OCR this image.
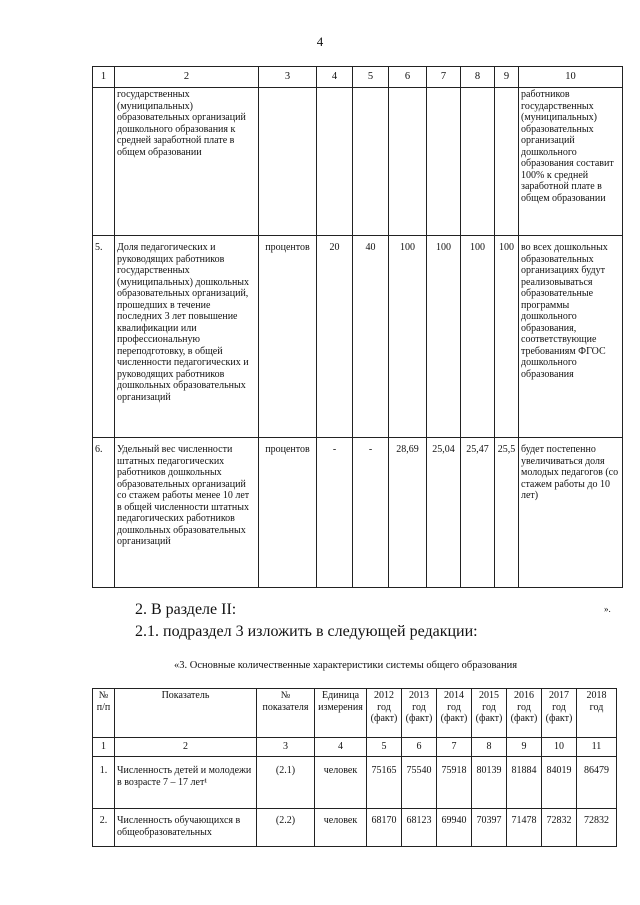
4
1	2	3	4	5	6	7	8	9	10
	государственных (муниципальных) образовательных организаций дошкольного образования к средней заработной плате в общем образовании								работников государственных (муниципальных) образовательных организаций дошкольного образования составит 100% к средней заработной плате в общем образовании
5.	Доля педагогических и руководящих работников государственных (муниципальных) дошкольных образовательных организаций, прошедших в течение последних 3 лет повышение квалификации или профессиональную переподготовку, в общей численности педагогических и руководящих работников дошкольных образовательных организаций	процентов	20	40	100	100	100	100	во всех дошкольных образовательных организациях будут реализовываться образовательные программы дошкольного образования, соответствующие требованиям ФГОС дошкольного образования
6.	Удельный вес численности штатных педагогических работников дошкольных образовательных организаций со стажем работы менее 10 лет в общей численности штатных педагогических работников дошкольных образовательных организаций	процентов	-	-	28,69	25,04	25,47	25,5	будет постепенно увеличиваться доля молодых педагогов (со стажем работы до 10 лет)
».
2. В разделе II:
2.1. подраздел 3 изложить в следующей редакции:
«3. Основные количественные характеристики системы общего образования
№ п/п	Показатель	№ показателя	Единица измерения	2012 год (факт)	2013 год (факт)	2014 год (факт)	2015 год (факт)	2016 год (факт)	2017 год (факт)	2018 год
1	2	3	4	5	6	7	8	9	10	11
1.	Численность детей и молодежи в возрасте 7 – 17 лет¹	(2.1)	человек	75165	75540	75918	80139	81884	84019	86479
2.	Численность обучающихся в общеобразовательных	(2.2)	человек	68170	68123	69940	70397	71478	72832	72832
